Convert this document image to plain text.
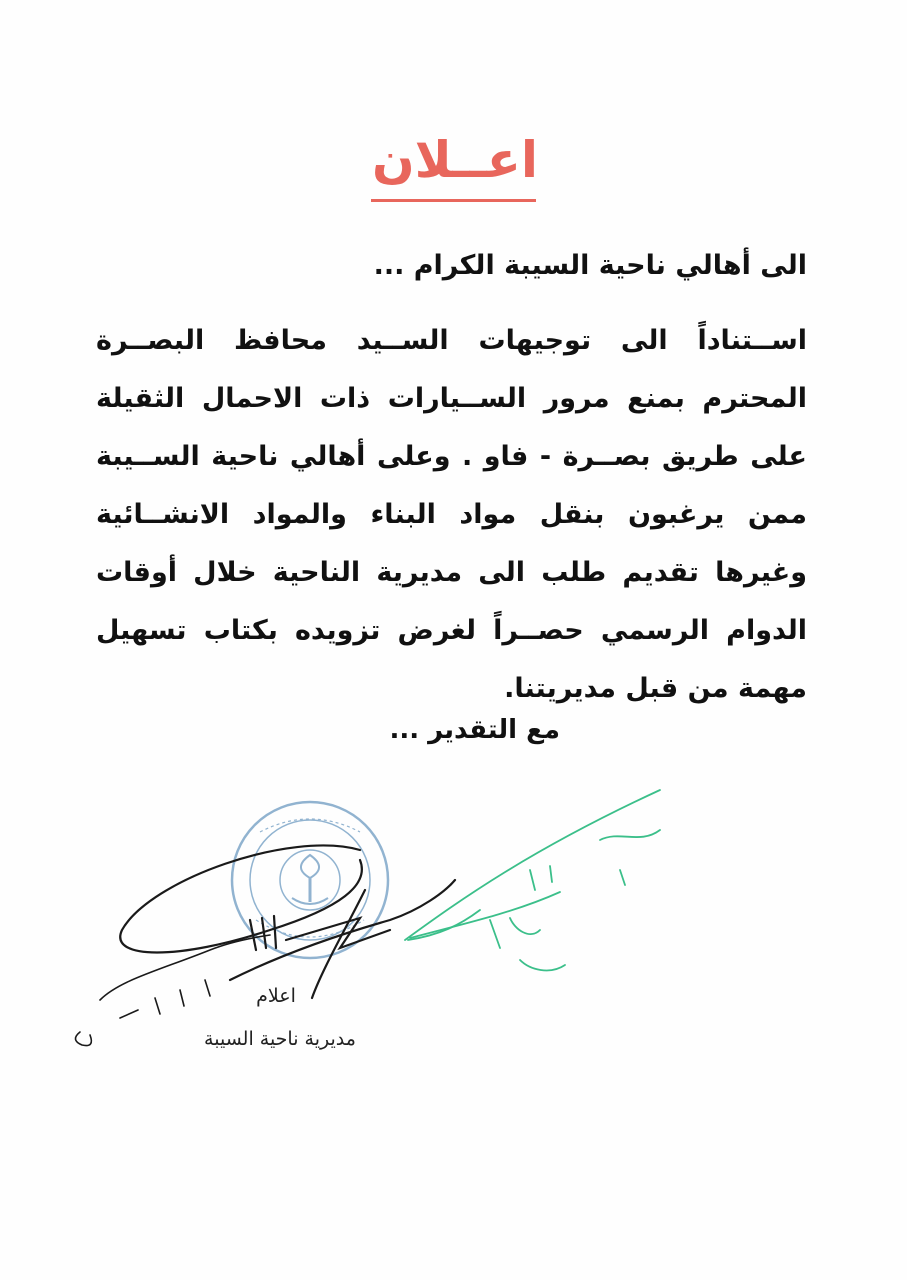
اعــلان
الى أهالي ناحية السيبة الكرام ...
اســتناداً الى توجيهات الســيد محافظ البصــرة المحترم بمنع مرور الســيارات ذات الاحمال الثقيلة على طريق بصــرة - فاو . وعلى أهالي ناحية الســيبة ممن يرغبون بنقل مواد البناء والمواد الانشــائية وغيرها تقديم طلب الى مديرية الناحية خلال أوقات الدوام الرسمي حصــراً لغرض تزويده بكتاب تسهيل مهمة من قبل مديريتنا.
مع التقدير ...
اعلام
مديرية ناحية السيبة
